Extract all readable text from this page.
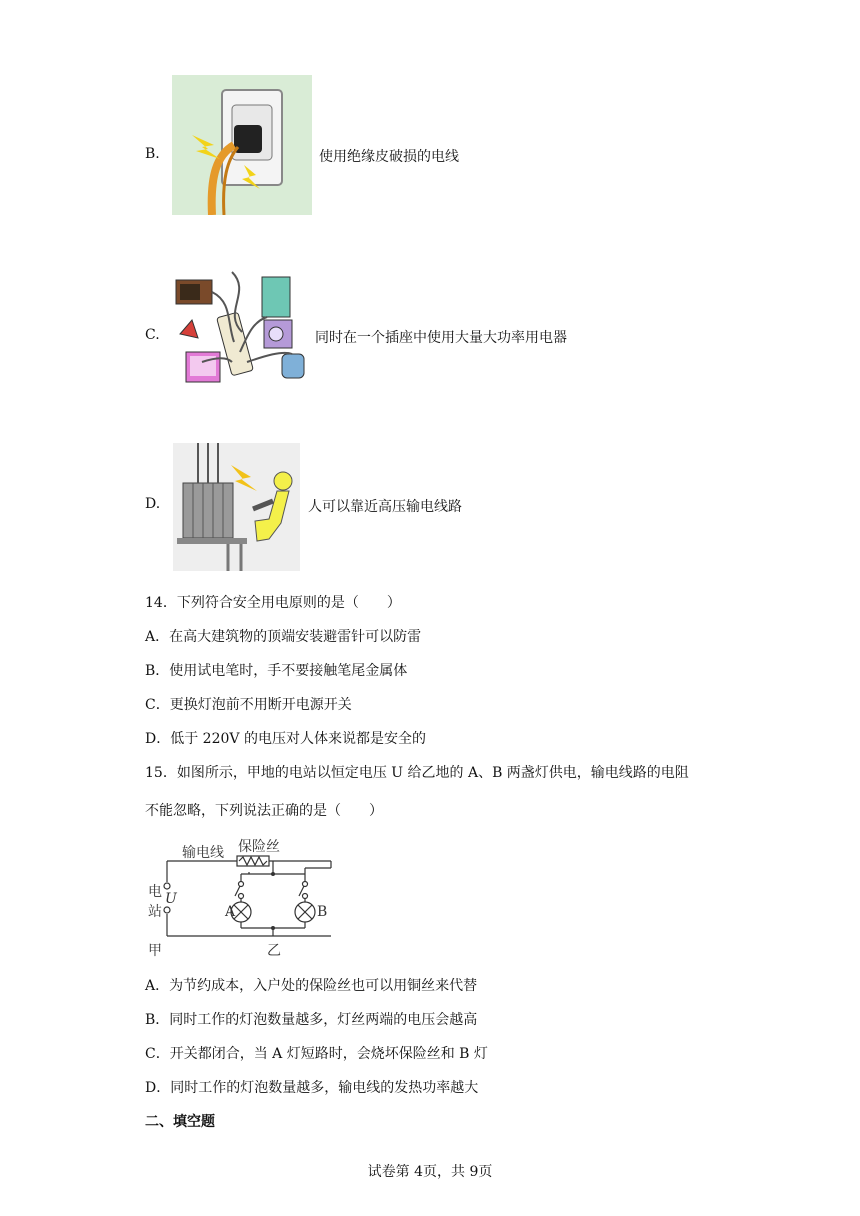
B.	使用绝缘皮破损的电线
C.	同时在一个插座中使用大量大功率用电器
D.	人可以靠近高压输电线路
14．下列符合安全用电原则的是（　　）
A．在高大建筑物的顶端安装避雷针可以防雷
B．使用试电笔时，手不要接触笔尾金属体
C．更换灯泡前不用断开电源开关
D．低于 220V 的电压对人体来说都是安全的
15．如图所示，甲地的电站以恒定电压 U 给乙地的 A、B 两盏灯供电，输电线路的电阻
不能忽略，下列说法正确的是（　　）
输电线 保险丝
电
站
U
A	B
甲	乙
A．为节约成本，入户处的保险丝也可以用铜丝来代替
B．同时工作的灯泡数量越多，灯丝两端的电压会越高
C．开关都闭合，当 A 灯短路时，会烧坏保险丝和 B 灯
D．同时工作的灯泡数量越多，输电线的发热功率越大
二、填空题
试卷第 4页，共 9页
